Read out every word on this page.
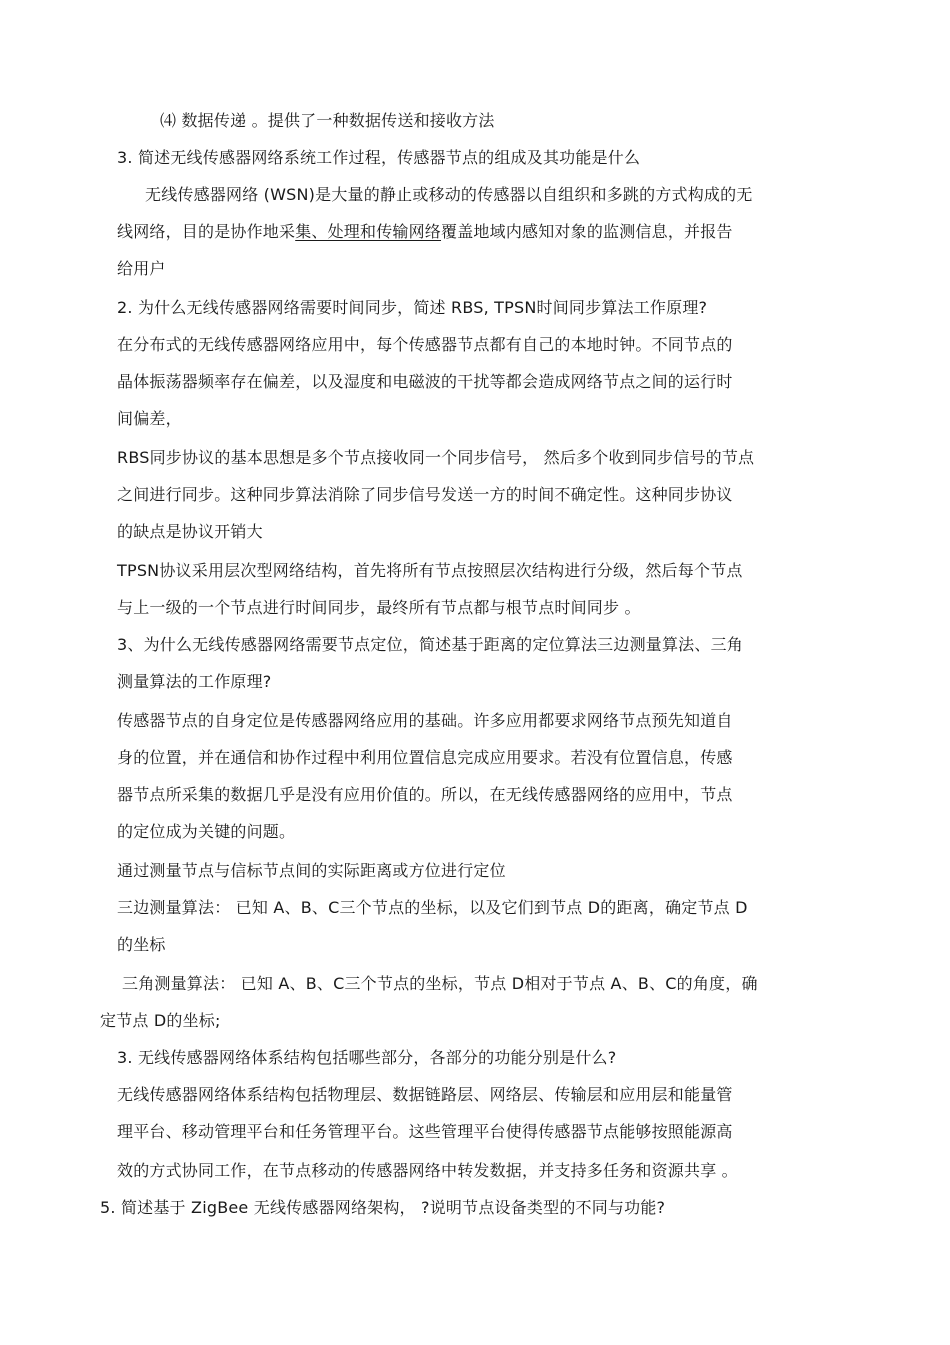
⑷ 数据传递 。提供了一种数据传送和接收方法
3. 简述无线传感器网络系统工作过程，传感器节点的组成及其功能是什么
无线传感器网络 (WSN)是大量的静止或移动的传感器以自组织和多跳的方式构成的无
线网络，目的是协作地采集、处理和传输网络覆盖地域内感知对象的监测信息，并报告
给用户
2. 为什么无线传感器网络需要时间同步，简述 RBS, TPSN时间同步算法工作原理?
在分布式的无线传感器网络应用中，每个传感器节点都有自己的本地时钟。不同节点的
晶体振荡器频率存在偏差，以及湿度和电磁波的干扰等都会造成网络节点之间的运行时
间偏差，
RBS同步协议的基本思想是多个节点接收同一个同步信号， 然后多个收到同步信号的节点
之间进行同步。这种同步算法消除了同步信号发送一方的时间不确定性。这种同步协议
的缺点是协议开销大
TPSN协议采用层次型网络结构，首先将所有节点按照层次结构进行分级，然后每个节点
与上一级的一个节点进行时间同步，最终所有节点都与根节点时间同步 。
3、为什么无线传感器网络需要节点定位，简述基于距离的定位算法三边测量算法、三角
测量算法的工作原理?
传感器节点的自身定位是传感器网络应用的基础。许多应用都要求网络节点预先知道自
身的位置，并在通信和协作过程中利用位置信息完成应用要求。若没有位置信息，传感
器节点所采集的数据几乎是没有应用价值的。所以，在无线传感器网络的应用中，节点
的定位成为关键的问题。
通过测量节点与信标节点间的实际距离或方位进行定位
三边测量算法： 已知 A、B、C三个节点的坐标，以及它们到节点 D的距离，确定节点 D
的坐标
三角测量算法： 已知 A、B、C三个节点的坐标，节点 D相对于节点 A、B、C的角度，确
定节点 D的坐标;
3. 无线传感器网络体系结构包括哪些部分，各部分的功能分别是什么?
无线传感器网络体系结构包括物理层、数据链路层、网络层、传输层和应用层和能量管
理平台、移动管理平台和任务管理平台。这些管理平台使得传感器节点能够按照能源高
效的方式协同工作，在节点移动的传感器网络中转发数据，并支持多任务和资源共享 。
5. 简述基于 ZigBee 无线传感器网络架构， ?说明节点设备类型的不同与功能?
